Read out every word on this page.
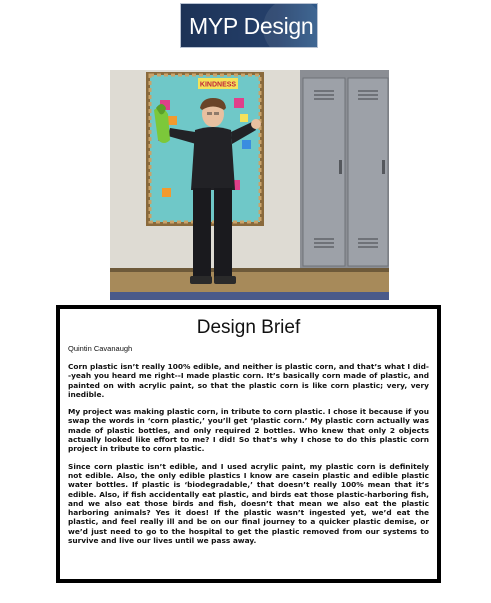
MYP Design
KINDNESS
Design Brief
Quintin Cavanaugh

Corn plastic isn’t really 100% edible, and neither is plastic corn, and that’s what I did--yeah you heard me right--I made plastic corn. It’s basically corn made of plastic, and painted on with acrylic paint, so that the plastic corn is like corn plastic; very, very inedible.

My project was making plastic corn, in tribute to corn plastic. I chose it because if you swap the words in ‘corn plastic,’ you’ll get ‘plastic corn.’ My plastic corn actually was made of plastic bottles, and only required 2 bottles. Who knew that only 2 objects actually looked like effort to me? I did! So that’s why I chose to do this plastic corn project in tribute to corn plastic.

Since corn plastic isn’t edible, and I used acrylic paint, my plastic corn is definitely not edible. Also, the only edible plastics I know are casein plastic and edible plastic water bottles. If plastic is ‘biodegradable,’ that doesn’t really 100% mean that it’s edible. Also, if fish accidentally eat plastic, and birds eat those plastic-harboring fish, and we also eat those birds and fish, doesn’t that mean we also eat the plastic harboring animals? Yes it does! If the plastic wasn’t ingested yet, we’d eat the plastic, and feel really ill and be on our final journey to a quicker plastic demise, or we’d just need to go to the hospital to get the plastic removed from our systems to survive and live our lives until we pass away.
